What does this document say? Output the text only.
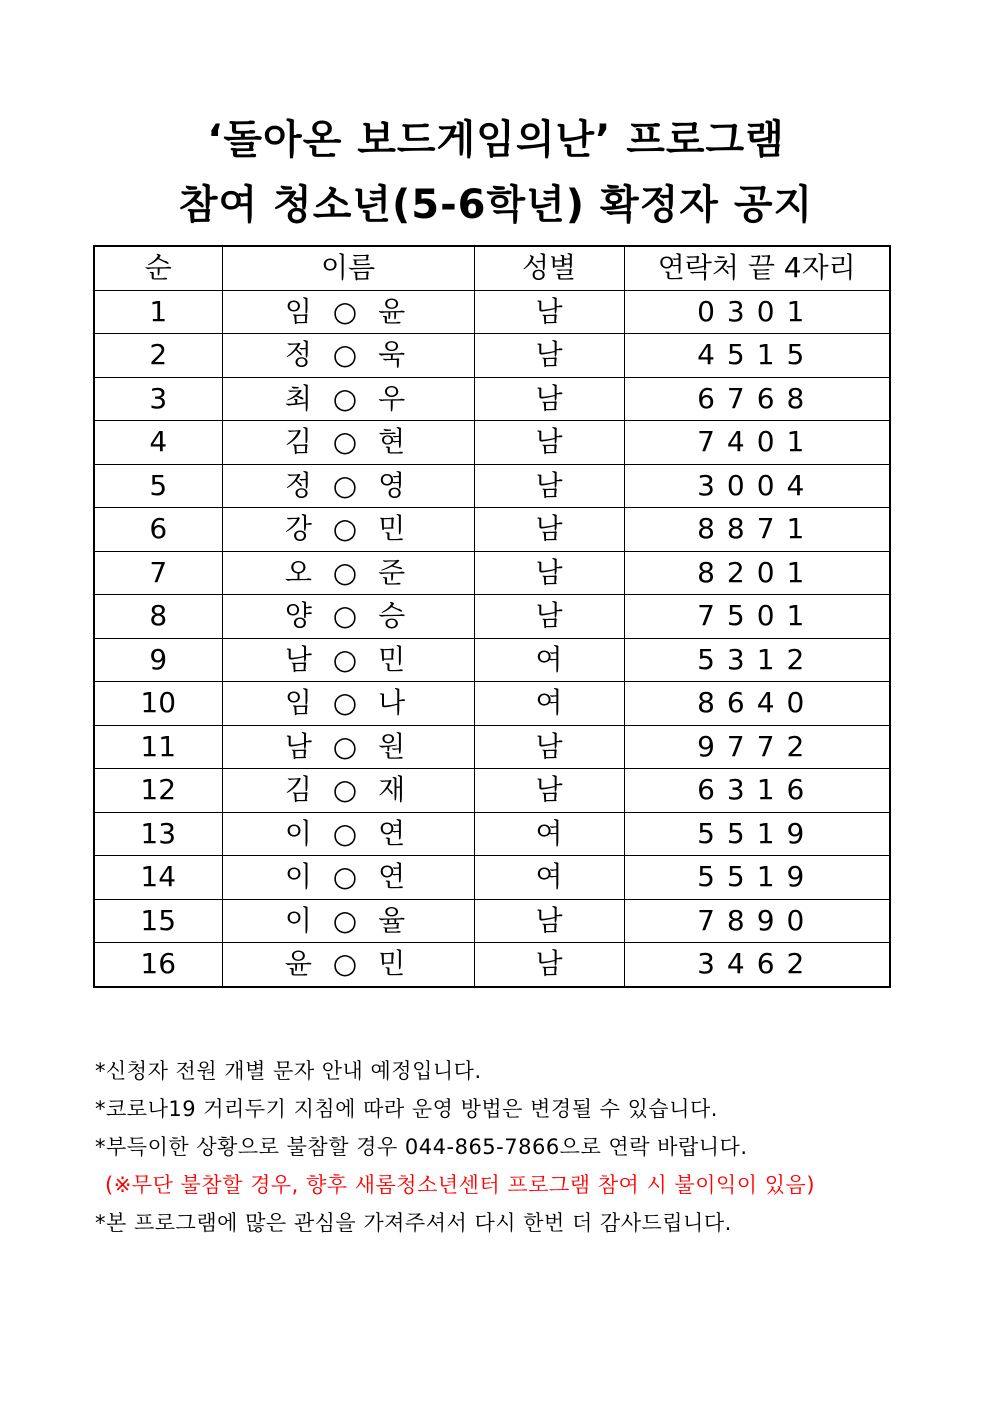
‘돌아온 보드게임의난’ 프로그램
참여 청소년(5-6학년) 확정자 공지
순	이름	성별	연락처 끝 4자리
1	임 ○ 윤	남	0301
2	정 ○ 욱	남	4515
3	최 ○ 우	남	6768
4	김 ○ 현	남	7401
5	정 ○ 영	남	3004
6	강 ○ 민	남	8871
7	오 ○ 준	남	8201
8	양 ○ 승	남	7501
9	남 ○ 민	여	5312
10	임 ○ 나	여	8640
11	남 ○ 원	남	9772
12	김 ○ 재	남	6316
13	이 ○ 연	여	5519
14	이 ○ 연	여	5519
15	이 ○ 율	남	7890
16	윤 ○ 민	남	3462
*신청자 전원 개별 문자 안내 예정입니다.
*코로나19 거리두기 지침에 따라 운영 방법은 변경될 수 있습니다.
*부득이한 상황으로 불참할 경우 044-865-7866으로 연락 바랍니다.
(※무단 불참할 경우, 향후 새롬청소년센터 프로그램 참여 시 불이익이 있음)
*본 프로그램에 많은 관심을 가져주셔서 다시 한번 더 감사드립니다.
